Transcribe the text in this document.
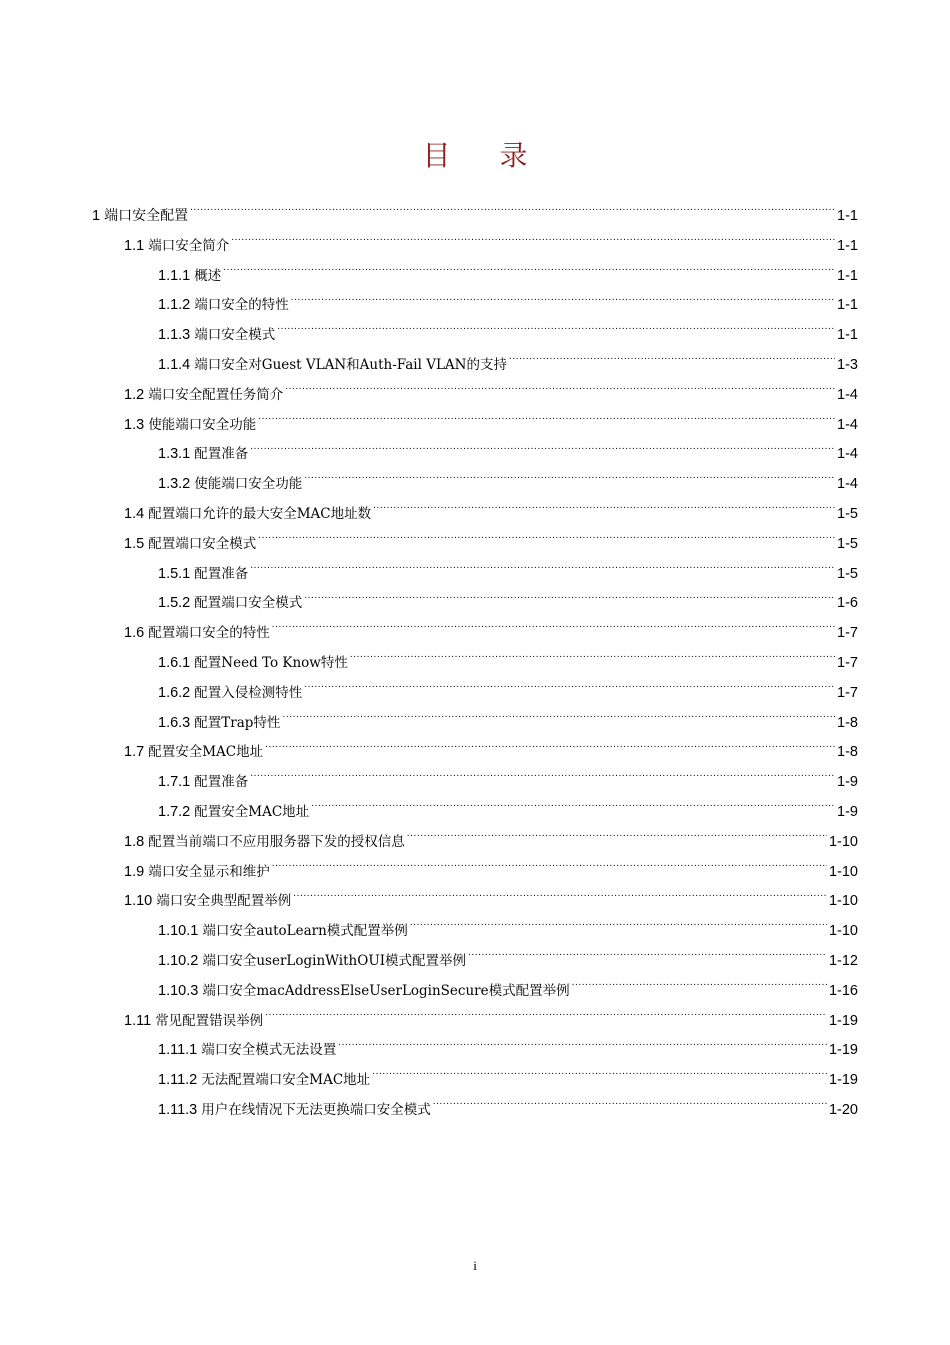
目 录
1 端口安全配置 .....	1-1
1.1 端口安全简介 .....	1-1
1.1.1 概述 .....	1-1
1.1.2 端口安全的特性 .....	1-1
1.1.3 端口安全模式 .....	1-1
1.1.4 端口安全对Guest VLAN和Auth-Fail VLAN的支持 .....	1-3
1.2 端口安全配置任务简介 .....	1-4
1.3 使能端口安全功能 .....	1-4
1.3.1 配置准备 .....	1-4
1.3.2 使能端口安全功能 .....	1-4
1.4 配置端口允许的最大安全MAC地址数 .....	1-5
1.5 配置端口安全模式 .....	1-5
1.5.1 配置准备 .....	1-5
1.5.2 配置端口安全模式 .....	1-6
1.6 配置端口安全的特性 .....	1-7
1.6.1 配置Need To Know特性 .....	1-7
1.6.2 配置入侵检测特性 .....	1-7
1.6.3 配置Trap特性 .....	1-8
1.7 配置安全MAC地址 .....	1-8
1.7.1 配置准备 .....	1-9
1.7.2 配置安全MAC地址 .....	1-9
1.8 配置当前端口不应用服务器下发的授权信息 .....	1-10
1.9 端口安全显示和维护 .....	1-10
1.10 端口安全典型配置举例 .....	1-10
1.10.1 端口安全autoLearn模式配置举例 .....	1-10
1.10.2 端口安全userLoginWithOUI模式配置举例 .....	1-12
1.10.3 端口安全macAddressElseUserLoginSecure模式配置举例 .....	1-16
1.11 常见配置错误举例 .....	1-19
1.11.1 端口安全模式无法设置 .....	1-19
1.11.2 无法配置端口安全MAC地址 .....	1-19
1.11.3 用户在线情况下无法更换端口安全模式 .....	1-20
i
